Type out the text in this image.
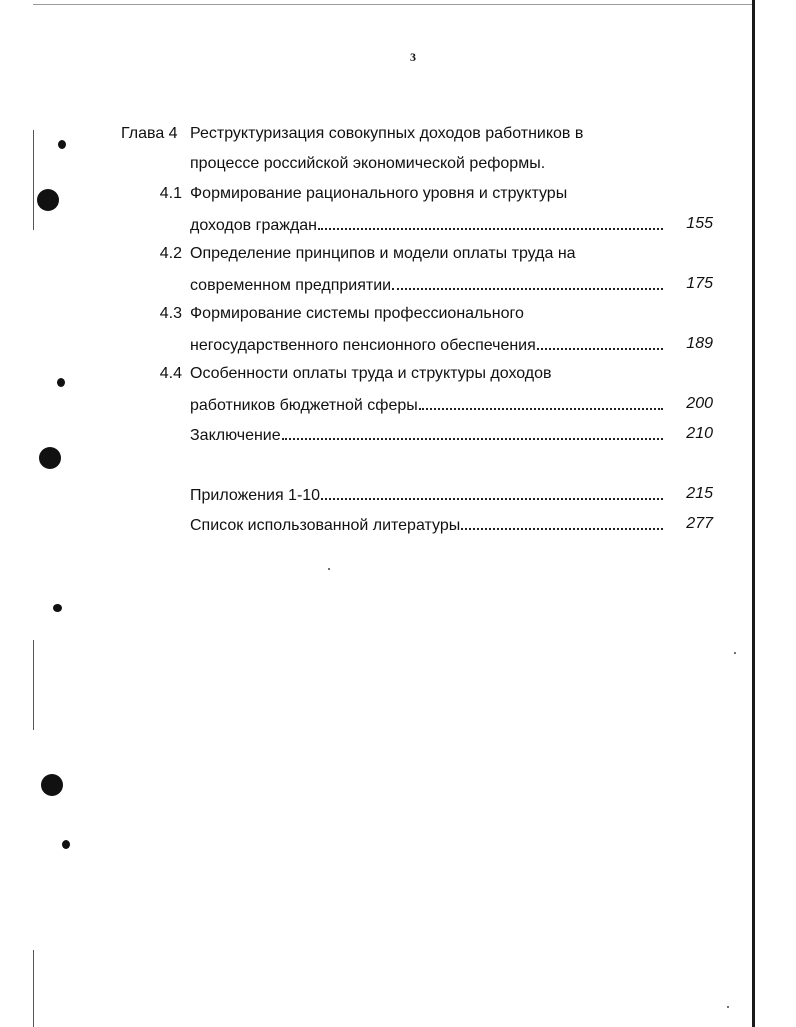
3
Глава 4 Реструктуризация совокупных доходов работников в
процессе российской экономической реформы.
4.1 Формирование рационального уровня и структуры
доходов граждан	155
4.2 Определение принципов и модели оплаты труда на
современном предприятии	175
4.3 Формирование системы профессионального
негосударственного пенсионного обеспечения	189
4.4 Особенности оплаты труда и структуры доходов
работников бюджетной сферы	200
Заключение	210
Приложения 1-10	215
Список использованной литературы	277
